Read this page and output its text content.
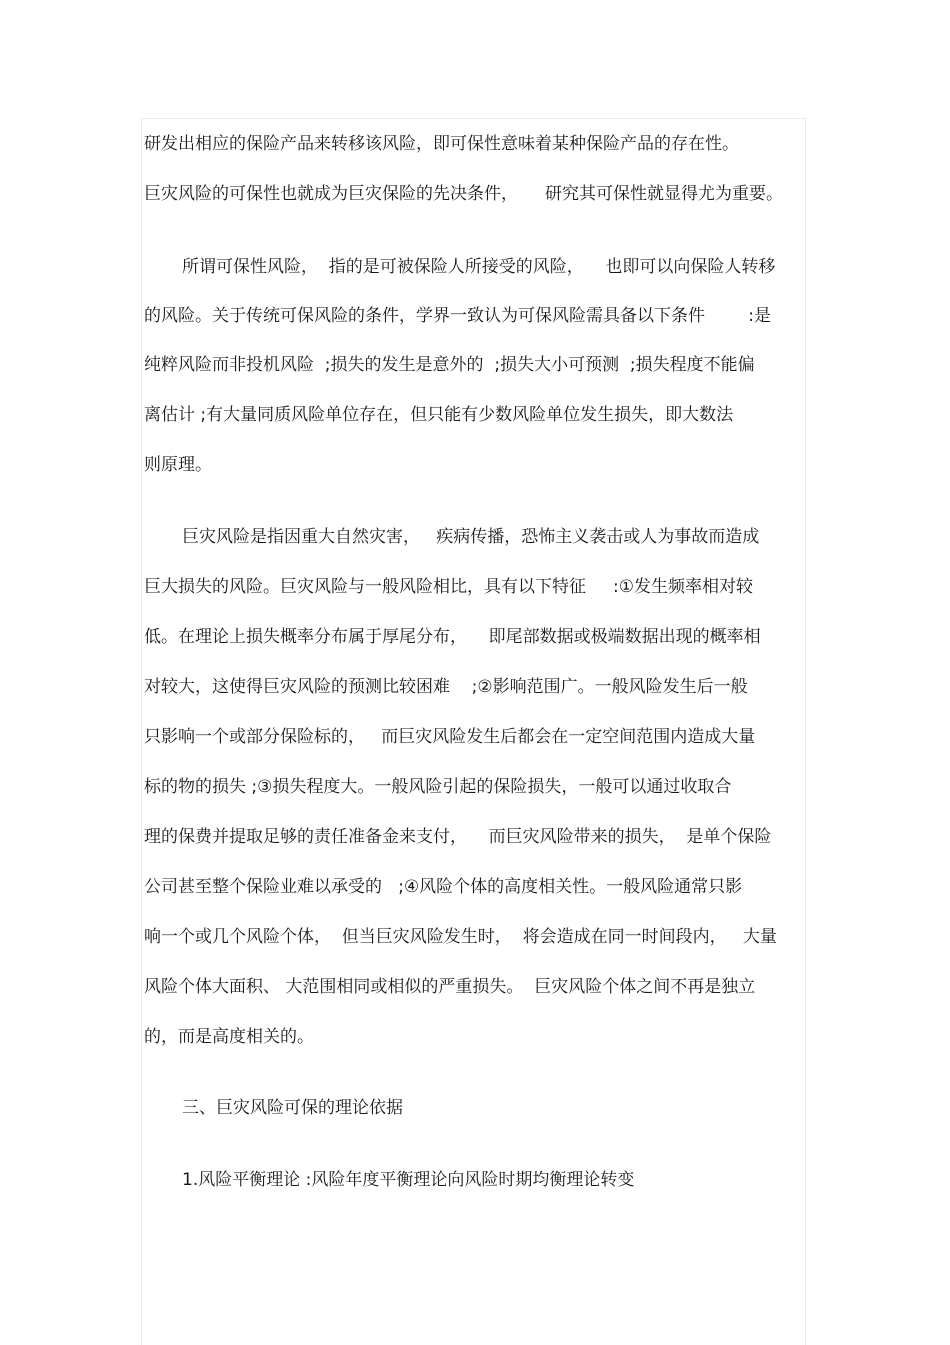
研发出相应的保险产品来转移该风险，即可保性意味着某种保险产品的存在性。
巨灾风险的可保性也就成为巨灾保险的先决条件，     研究其可保性就显得尤为重要。
所谓可保性风险，  指的是可被保险人所接受的风险，    也即可以向保险人转移
的风险。关于传统可保风险的条件，学界一致认为可保风险需具备以下条件        :是
纯粹风险而非投机风险  ;损失的发生是意外的  ;损失大小可预测  ;损失程度不能偏
离估计 ;有大量同质风险单位存在，但只能有少数风险单位发生损失，即大数法
则原理。
巨灾风险是指因重大自然灾害，   疾病传播，恐怖主义袭击或人为事故而造成
巨大损失的风险。巨灾风险与一般风险相比，具有以下特征     :①发生频率相对较
低。在理论上损失概率分布属于厚尾分布，    即尾部数据或极端数据出现的概率相
对较大，这使得巨灾风险的预测比较困难    ;②影响范围广。一般风险发生后一般
只影响一个或部分保险标的，   而巨灾风险发生后都会在一定空间范围内造成大量
标的物的损失 ;③损失程度大。一般风险引起的保险损失，一般可以通过收取合
理的保费并提取足够的责任准备金来支付，    而巨灾风险带来的损失，  是单个保险
公司甚至整个保险业难以承受的   ;④风险个体的高度相关性。一般风险通常只影
响一个或几个风险个体，  但当巨灾风险发生时，  将会造成在同一时间段内，   大量
风险个体大面积、 大范围相同或相似的严重损失。  巨灾风险个体之间不再是独立
的，而是高度相关的。
三、巨灾风险可保的理论依据
1.风险平衡理论 :风险年度平衡理论向风险时期均衡理论转变
